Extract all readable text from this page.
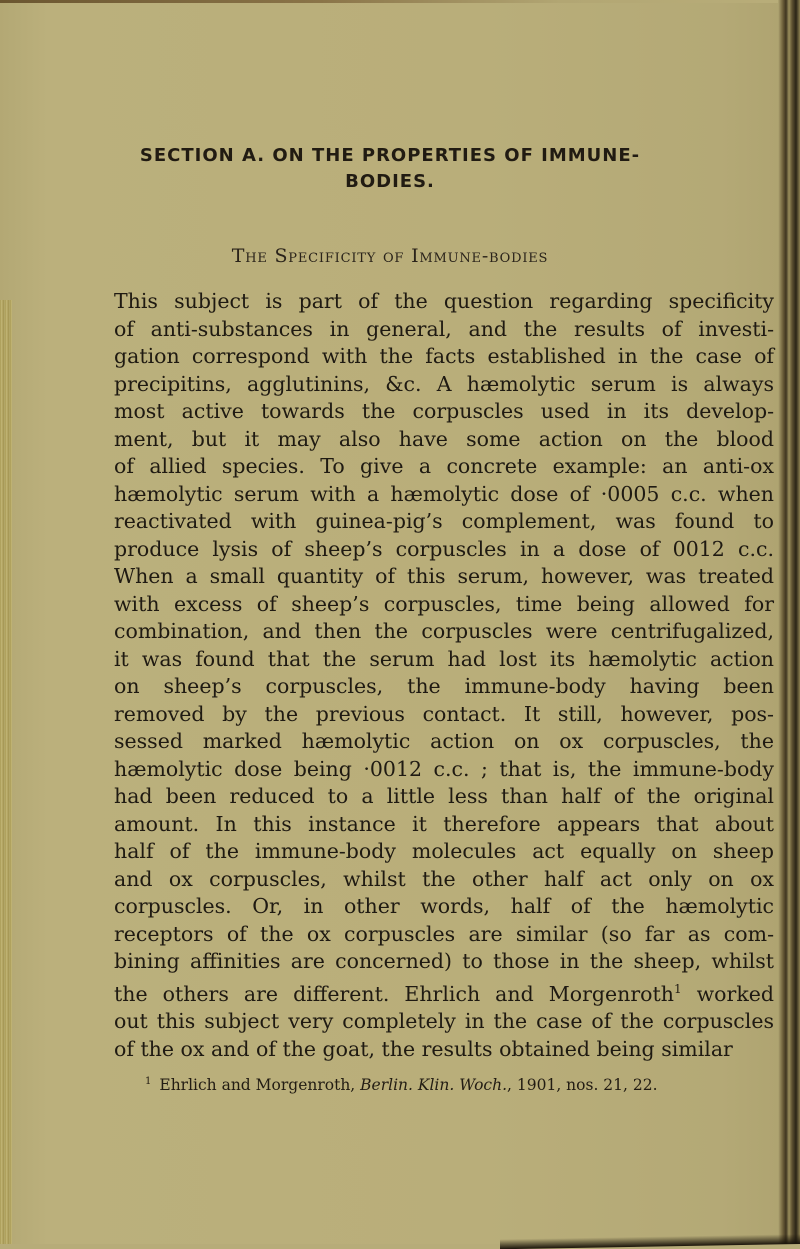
SECTION A. ON THE PROPERTIES OF IMMUNE-
BODIES.
The Specificity of Immune-bodies
This subject is part of the question regarding specificity
of anti-substances in general, and the results of investi-
gation correspond with the facts established in the case of
precipitins, agglutinins, &c. A hæmolytic serum is always
most active towards the corpuscles used in its develop-
ment, but it may also have some action on the blood
of allied species. To give a concrete example: an anti-ox
hæmolytic serum with a hæmolytic dose of ·0005 c.c. when
reactivated with guinea-pig’s complement, was found to
produce lysis of sheep’s corpuscles in a dose of 0012 c.c.
When a small quantity of this serum, however, was treated
with excess of sheep’s corpuscles, time being allowed for
combination, and then the corpuscles were centrifugalized,
it was found that the serum had lost its hæmolytic action
on sheep’s corpuscles, the immune-body having been
removed by the previous contact. It still, however, pos-
sessed marked hæmolytic action on ox corpuscles, the
hæmolytic dose being ·0012 c.c. ; that is, the immune-body
had been reduced to a little less than half of the original
amount. In this instance it therefore appears that about
half of the immune-body molecules act equally on sheep
and ox corpuscles, whilst the other half act only on ox
corpuscles. Or, in other words, half of the hæmolytic
receptors of the ox corpuscles are similar (so far as com-
bining affinities are concerned) to those in the sheep, whilst
the others are different. Ehrlich and Morgenroth$^1$ worked
out this subject very completely in the case of the corpuscles
of the ox and of the goat, the results obtained being similar
$^1$ Ehrlich and Morgenroth, Berlin. Klin. Woch., 1901, nos. 21, 22.
